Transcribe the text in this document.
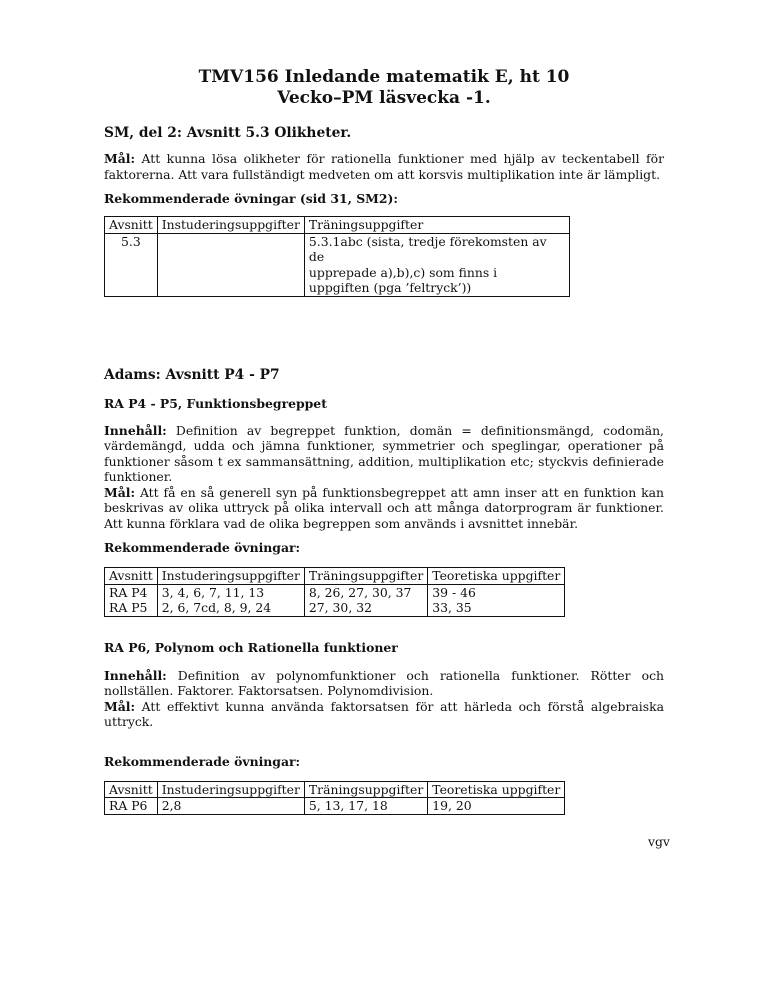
TMV156 Inledande matematik E, ht 10
Vecko–PM läsvecka -1.
SM, del 2: Avsnitt 5.3 Olikheter.
Mål: Att kunna lösa olikheter för rationella funktioner med hjälp av teckentabell för faktorerna. Att vara fullständigt medveten om att korsvis multiplikation inte är lämpligt.
Rekommenderade övningar (sid 31, SM2):
Avsnitt	Instuderingsuppgifter	Träningsuppgifter
5.3		5.3.1abc (sista, tredje förekomsten av de
upprepade a),b),c) som finns i
uppgiften (pga ’feltryck’))
Adams: Avsnitt P4 - P7
RA P4 - P5, Funktionsbegreppet
Innehåll: Definition av begreppet funktion, domän = definitionsmängd, codomän, värdemängd, udda och jämna funktioner, symmetrier och speglingar, operationer på funktioner såsom t ex sammansättning, addition, multiplikation etc; styckvis definierade funktioner.
Mål: Att få en så generell syn på funktionsbegreppet att amn inser att en funktion kan beskrivas av olika uttryck på olika intervall och att många datorprogram är funktioner. Att kunna förklara vad de olika begreppen som används i avsnittet innebär.
Rekommenderade övningar:
Avsnitt	Instuderingsuppgifter	Träningsuppgifter	Teoretiska uppgifter
RA P4	3, 4, 6, 7, 11, 13	8, 26, 27, 30, 37	39 - 46
RA P5	2, 6, 7cd, 8, 9, 24	27, 30, 32	33, 35
RA P6, Polynom och Rationella funktioner
Innehåll: Definition av polynomfunktioner och rationella funktioner. Rötter och nollställen. Faktorer. Faktorsatsen. Polynomdivision.
Mål: Att effektivt kunna använda faktorsatsen för att härleda och förstå algebraiska uttryck.
Rekommenderade övningar:
Avsnitt	Instuderingsuppgifter	Träningsuppgifter	Teoretiska uppgifter
RA P6	2,8	5, 13, 17, 18	19, 20
vgv
